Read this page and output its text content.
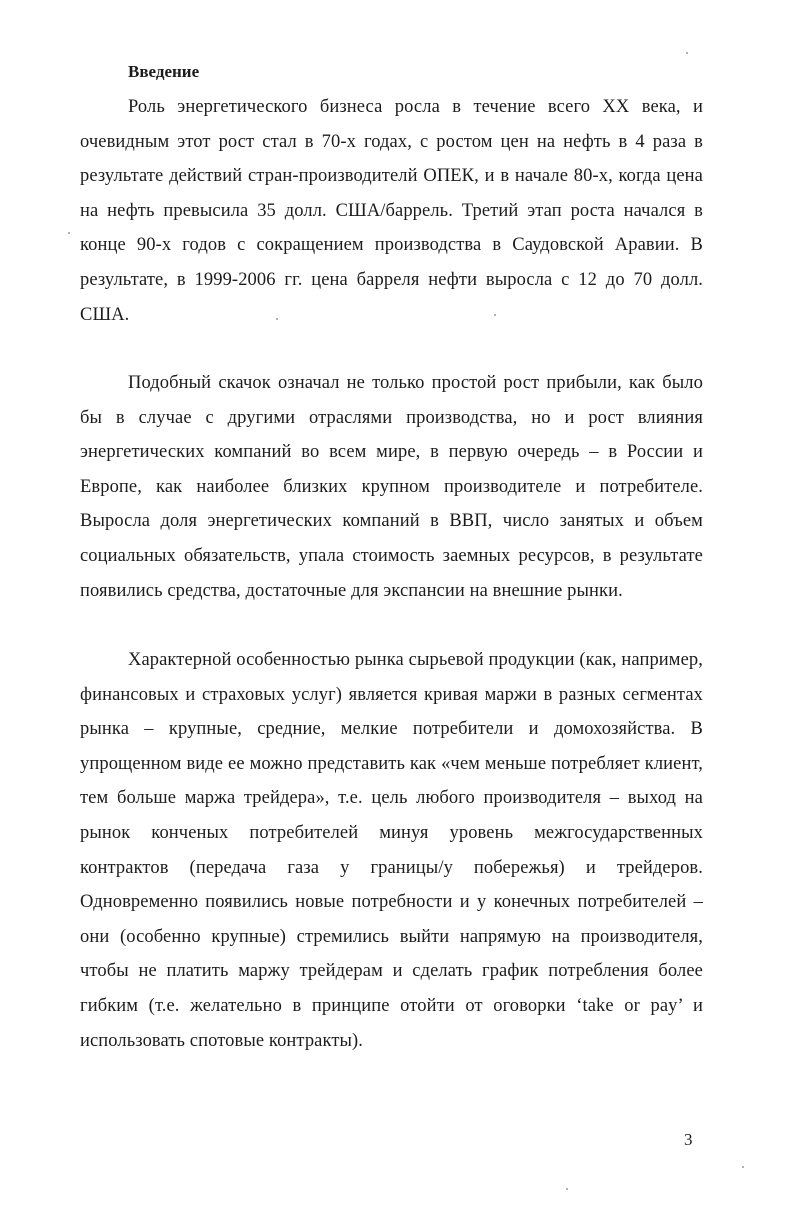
Введение

Роль энергетического бизнеса росла в течение всего XX века, и очевидным этот рост стал в 70-х годах, с ростом цен на нефть в 4 раза в результате действий стран-производителй ОПЕК, и в начале 80-х, когда цена на нефть превысила 35 долл. США/баррель. Третий этап роста начался в конце 90-х годов с сокращением производства в Саудовской Аравии. В результате, в 1999-2006 гг. цена барреля нефти выросла с 12 до 70 долл. США.

Подобный скачок означал не только простой рост прибыли, как было бы в случае с другими отраслями производства, но и рост влияния энергетических компаний во всем мире, в первую очередь – в России и Европе, как наиболее близких крупном производителе и потребителе. Выросла доля энергетических компаний в ВВП, число занятых и объем социальных обязательств, упала стоимость заемных ресурсов, в результате появились средства, достаточные для экспансии на внешние рынки.

Характерной особенностью рынка сырьевой продукции (как, например, финансовых и страховых услуг) является кривая маржи в разных сегментах рынка – крупные, средние, мелкие потребители и домохозяйства. В упрощенном виде ее можно представить как «чем меньше потребляет клиент, тем больше маржа трейдера», т.е. цель любого производителя – выход на рынок конченых потребителей минуя уровень межгосударственных контрактов (передача газа у границы/у побережья) и трейдеров. Одновременно появились новые потребности и у конечных потребителей – они (особенно крупные) стремились выйти напрямую на производителя, чтобы не платить маржу трейдерам и сделать график потребления более гибким (т.е. желательно в принципе отойти от оговорки ‘take or pay’ и использовать спотовые контракты).

3
